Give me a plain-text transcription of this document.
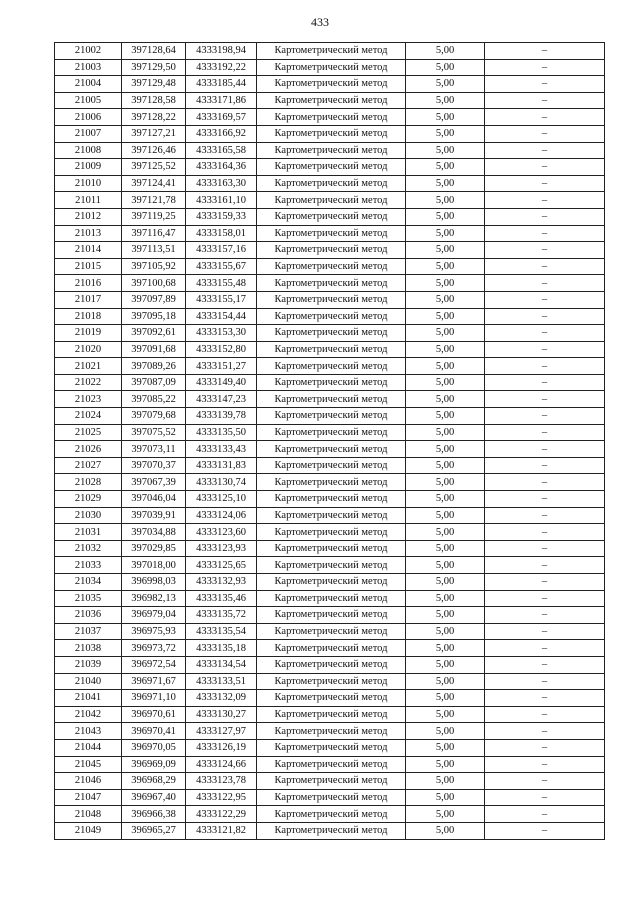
433
21002	397128,64	4333198,94	Картометрический метод	5,00	–
21003	397129,50	4333192,22	Картометрический метод	5,00	–
21004	397129,48	4333185,44	Картометрический метод	5,00	–
21005	397128,58	4333171,86	Картометрический метод	5,00	–
21006	397128,22	4333169,57	Картометрический метод	5,00	–
21007	397127,21	4333166,92	Картометрический метод	5,00	–
21008	397126,46	4333165,58	Картометрический метод	5,00	–
21009	397125,52	4333164,36	Картометрический метод	5,00	–
21010	397124,41	4333163,30	Картометрический метод	5,00	–
21011	397121,78	4333161,10	Картометрический метод	5,00	–
21012	397119,25	4333159,33	Картометрический метод	5,00	–
21013	397116,47	4333158,01	Картометрический метод	5,00	–
21014	397113,51	4333157,16	Картометрический метод	5,00	–
21015	397105,92	4333155,67	Картометрический метод	5,00	–
21016	397100,68	4333155,48	Картометрический метод	5,00	–
21017	397097,89	4333155,17	Картометрический метод	5,00	–
21018	397095,18	4333154,44	Картометрический метод	5,00	–
21019	397092,61	4333153,30	Картометрический метод	5,00	–
21020	397091,68	4333152,80	Картометрический метод	5,00	–
21021	397089,26	4333151,27	Картометрический метод	5,00	–
21022	397087,09	4333149,40	Картометрический метод	5,00	–
21023	397085,22	4333147,23	Картометрический метод	5,00	–
21024	397079,68	4333139,78	Картометрический метод	5,00	–
21025	397075,52	4333135,50	Картометрический метод	5,00	–
21026	397073,11	4333133,43	Картометрический метод	5,00	–
21027	397070,37	4333131,83	Картометрический метод	5,00	–
21028	397067,39	4333130,74	Картометрический метод	5,00	–
21029	397046,04	4333125,10	Картометрический метод	5,00	–
21030	397039,91	4333124,06	Картометрический метод	5,00	–
21031	397034,88	4333123,60	Картометрический метод	5,00	–
21032	397029,85	4333123,93	Картометрический метод	5,00	–
21033	397018,00	4333125,65	Картометрический метод	5,00	–
21034	396998,03	4333132,93	Картометрический метод	5,00	–
21035	396982,13	4333135,46	Картометрический метод	5,00	–
21036	396979,04	4333135,72	Картометрический метод	5,00	–
21037	396975,93	4333135,54	Картометрический метод	5,00	–
21038	396973,72	4333135,18	Картометрический метод	5,00	–
21039	396972,54	4333134,54	Картометрический метод	5,00	–
21040	396971,67	4333133,51	Картометрический метод	5,00	–
21041	396971,10	4333132,09	Картометрический метод	5,00	–
21042	396970,61	4333130,27	Картометрический метод	5,00	–
21043	396970,41	4333127,97	Картометрический метод	5,00	–
21044	396970,05	4333126,19	Картометрический метод	5,00	–
21045	396969,09	4333124,66	Картометрический метод	5,00	–
21046	396968,29	4333123,78	Картометрический метод	5,00	–
21047	396967,40	4333122,95	Картометрический метод	5,00	–
21048	396966,38	4333122,29	Картометрический метод	5,00	–
21049	396965,27	4333121,82	Картометрический метод	5,00	–
